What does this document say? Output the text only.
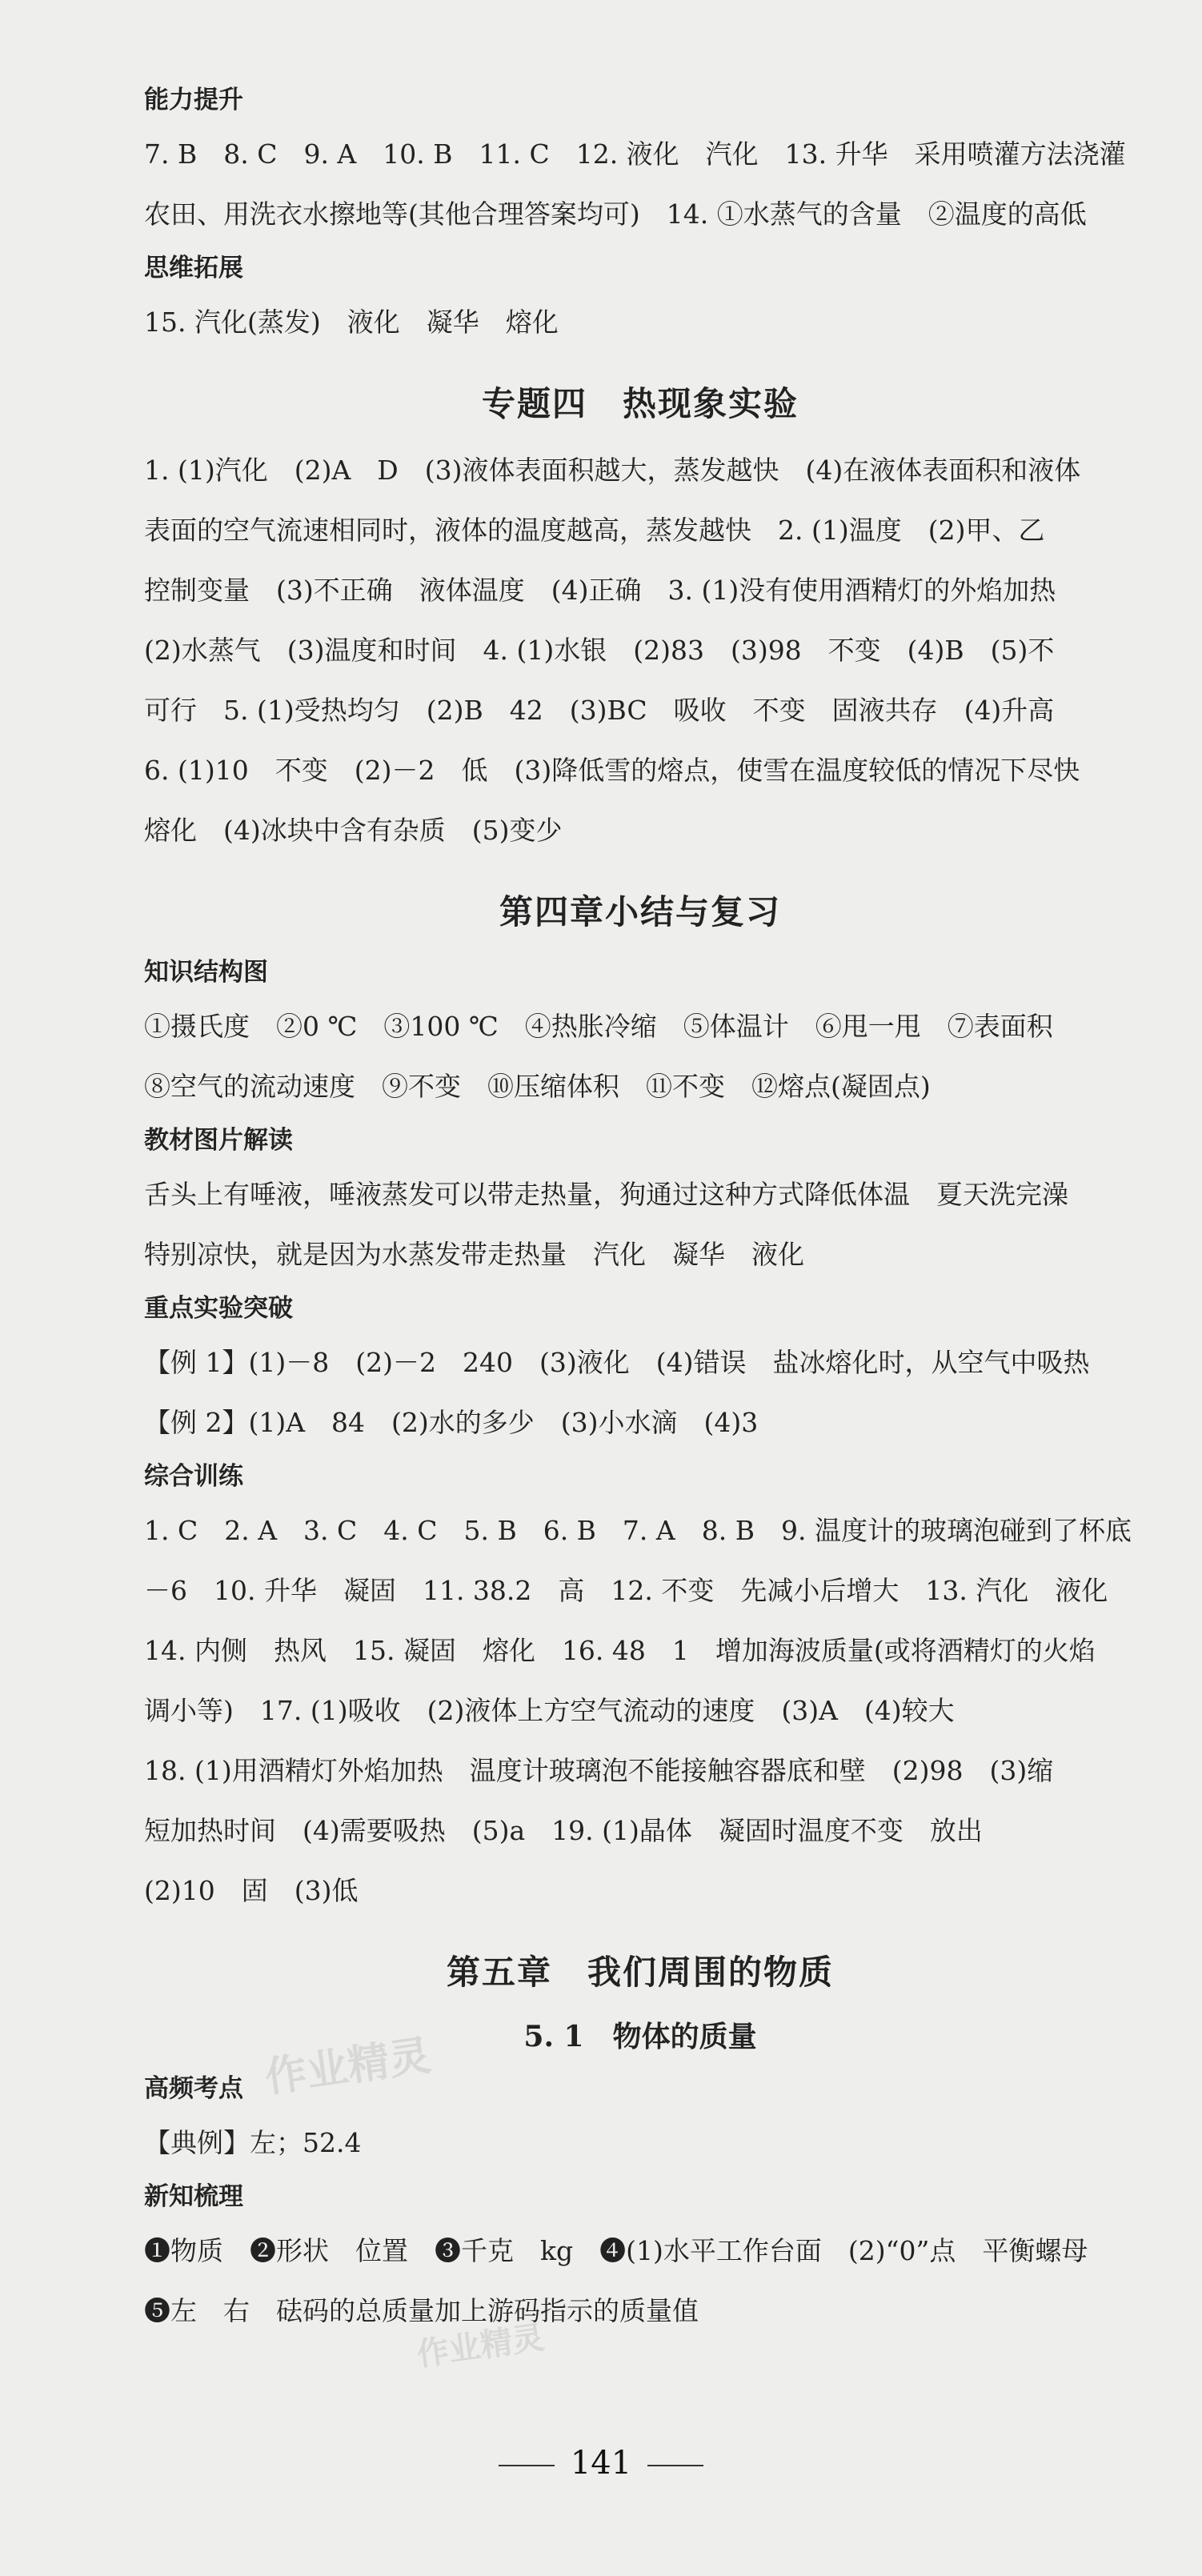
能力提升
7. B　8. C　9. A　10. B　11. C　12. 液化　汽化　13. 升华　采用喷灌方法浇灌
农田、用洗衣水擦地等(其他合理答案均可)　14. ①水蒸气的含量　②温度的高低
思维拓展
15. 汽化(蒸发)　液化　凝华　熔化
专题四　热现象实验
1. (1)汽化　(2)A　D　(3)液体表面积越大，蒸发越快　(4)在液体表面积和液体
表面的空气流速相同时，液体的温度越高，蒸发越快　2. (1)温度　(2)甲、乙
控制变量　(3)不正确　液体温度　(4)正确　3. (1)没有使用酒精灯的外焰加热
(2)水蒸气　(3)温度和时间　4. (1)水银　(2)83　(3)98　不变　(4)B　(5)不
可行　5. (1)受热均匀　(2)B　42　(3)BC　吸收　不变　固液共存　(4)升高
6. (1)10　不变　(2)－2　低　(3)降低雪的熔点，使雪在温度较低的情况下尽快
熔化　(4)冰块中含有杂质　(5)变少
第四章小结与复习
知识结构图
①摄氏度　②0 ℃　③100 ℃　④热胀冷缩　⑤体温计　⑥甩一甩　⑦表面积
⑧空气的流动速度　⑨不变　⑩压缩体积　⑪不变　⑫熔点(凝固点)
教材图片解读
舌头上有唾液，唾液蒸发可以带走热量，狗通过这种方式降低体温　夏天洗完澡
特别凉快，就是因为水蒸发带走热量　汽化　凝华　液化
重点实验突破
【例 1】(1)－8　(2)－2　240　(3)液化　(4)错误　盐冰熔化时，从空气中吸热
【例 2】(1)A　84　(2)水的多少　(3)小水滴　(4)3
综合训练
1. C　2. A　3. C　4. C　5. B　6. B　7. A　8. B　9. 温度计的玻璃泡碰到了杯底
－6　10. 升华　凝固　11. 38.2　高　12. 不变　先减小后增大　13. 汽化　液化
14. 内侧　热风　15. 凝固　熔化　16. 48　1　增加海波质量(或将酒精灯的火焰
调小等)　17. (1)吸收　(2)液体上方空气流动的速度　(3)A　(4)较大
18. (1)用酒精灯外焰加热　温度计玻璃泡不能接触容器底和壁　(2)98　(3)缩
短加热时间　(4)需要吸热　(5)a　19. (1)晶体　凝固时温度不变　放出
(2)10　固　(3)低
第五章　我们周围的物质
5. 1　物体的质量
高频考点
【典例】左；52.4
新知梳理
❶物质　❷形状　位置　❸千克　kg　❹(1)水平工作台面　(2)“0”点　平衡螺母
❺左　右　砝码的总质量加上游码指示的质量值
作业精灵
作业精灵
141
